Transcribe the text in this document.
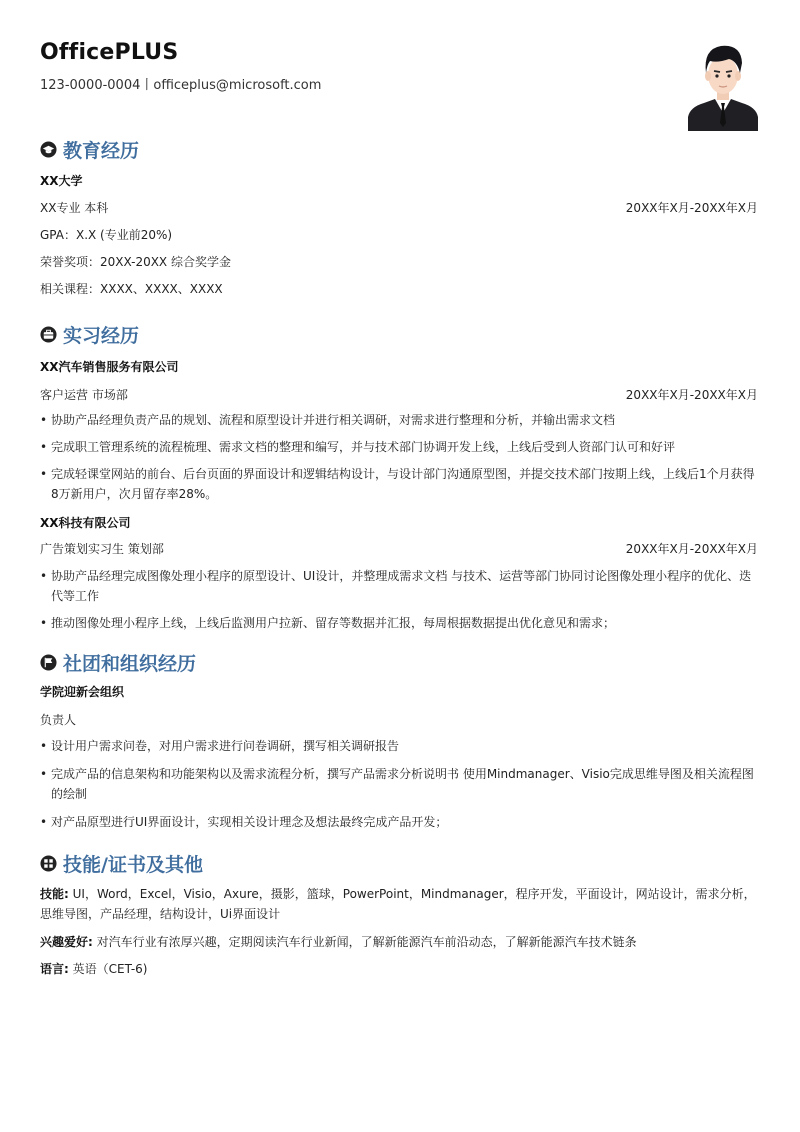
OfficePLUS
123-0000-0004丨officeplus@microsoft.com
教育经历
XX大学
XX专业 本科	20XX年X月-20XX年X月
GPA：X.X (专业前20%)
荣誉奖项：20XX-20XX 综合奖学金
相关课程：XXXX、XXXX、XXXX
实习经历
XX汽车销售服务有限公司
客户运营 市场部	20XX年X月-20XX年X月
• 协助产品经理负责产品的规划、流程和原型设计并进行相关调研，对需求进行整理和分析，并输出需求文档
• 完成职工管理系统的流程梳理、需求文档的整理和编写，并与技术部门协调开发上线，上线后受到人资部门认可和好评
• 完成轻课堂网站的前台、后台页面的界面设计和逻辑结构设计，与设计部门沟通原型图，并提交技术部门按期上线，上线后1个月获得8万新用户，次月留存率28%。
XX科技有限公司
广告策划实习生 策划部	20XX年X月-20XX年X月
• 协助产品经理完成图像处理小程序的原型设计、UI设计，并整理成需求文档 与技术、运营等部门协同讨论图像处理小程序的优化、迭代等工作
• 推动图像处理小程序上线，上线后监测用户拉新、留存等数据并汇报，每周根据数据提出优化意见和需求；
社团和组织经历
学院迎新会组织
负责人
• 设计用户需求问卷，对用户需求进行问卷调研，撰写相关调研报告
• 完成产品的信息架构和功能架构以及需求流程分析，撰写产品需求分析说明书 使用Mindmanager、Visio完成思维导图及相关流程图的绘制
• 对产品原型进行UI界面设计，实现相关设计理念及想法最终完成产品开发；
技能/证书及其他
技能: UI，Word，Excel，Visio，Axure，摄影，篮球，PowerPoint，Mindmanager，程序开发，平面设计，网站设计，需求分析，思维导图，产品经理，结构设计，Ui界面设计
兴趣爱好: 对汽车行业有浓厚兴趣，定期阅读汽车行业新闻，了解新能源汽车前沿动态，了解新能源汽车技术链条
语言: 英语（CET-6)
